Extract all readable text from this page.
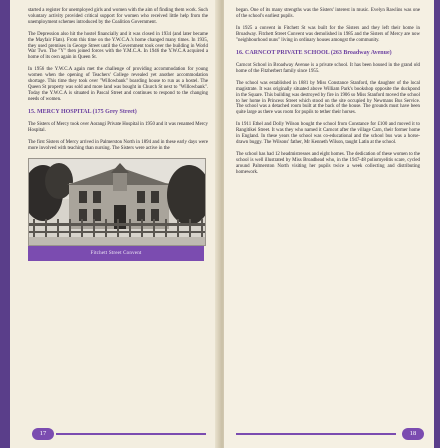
started a register for unemployed girls and women with the aim of finding them work. Such voluntary activity provided critical support for women who received little help from the unemployment schemes introduced by the Coalition Government.

The Depression also hit the hostel financially and it was closed in 1934 (and later became the Mayfair Flats). From this time on the Y.W.C.A.'s home changed many times. In 1935, they used premises in George Street until the Government took over the building in World War Two. The "Y" then joined forces with the Y.M.C.A. In 1946 the Y.W.C.A acquired a home of its own again in Queen St.

In 1956 the Y.W.C.A again met the challenge of providing accommodation for young women when the opening of Teachers' College revealed yet another accommodation shortage. This time they took over "Willowbank" boarding house to run as a hostel. The Queen St property was sold and more land was bought in Church St next to "Willowbank". Today the Y.W.C.A is situated in Pascal Street and continues to respond to the changing needs of women.

15. MERCY HOSPITAL (175 Grey Street)

The Sisters of Mercy took over Aorangi Private Hospital in 1950 and it was renamed Mercy Hospital.

The first Sisters of Mercy arrived in Palmerston North in 1894 and in these early days were more involved with teaching than nursing. The Sisters were active in the

Fitchett Street Convent
17

began. One of its many strengths was the Sisters' interest in music. Evelyn Rawlins was one of the school's earliest pupils.

In 1925 a convent in Fitchett St was built for the Sisters and they left their home in Broadway. Fitchett Street Convent was demolished in 1985 and the Sisters of Mercy are now "neighbourhood nuns" living in ordinary houses amongst the community.

16. CARNCOT PRIVATE SCHOOL (263 Broadway Avenue)

Carncot School in Broadway Avenue is a private school. It has been housed in the grand old home of the Fitzherbert family since 1955.

The school was established in 1881 by Miss Constance Stanford, the daughter of the local magistrate. It was originally situated above William Park's bookshop opposite the duckpond in the Square. This building was destroyed by fire in 1906 so Miss Stanford moved the school to her home in Princess Street which stood on the site occupied by Newmans Bus Service. The school was a detached room built at the back of the house. The grounds must have been quite large as there was room for pupils to tether their horses.

In 1911 Ethel and Dolly Wilson bought the school from Constance for £100 and moved it to Rangitikei Street. It was they who named it Carncot after the village Carn, their former home in England. In these years the school was co-educational and the school bus was a horse-drawn buggy. The Wilsons' father, Mr Kenneth Wilson, taught Latin at the school.

The school has had 12 headmistresses and eight homes. The dedication of these women to the school is well illustrated by Miss Broadhead who, in the 1947-48 poliomyelitis scare, cycled around Palmerston North visiting her pupils twice a week collecting and distributing homework.

18
